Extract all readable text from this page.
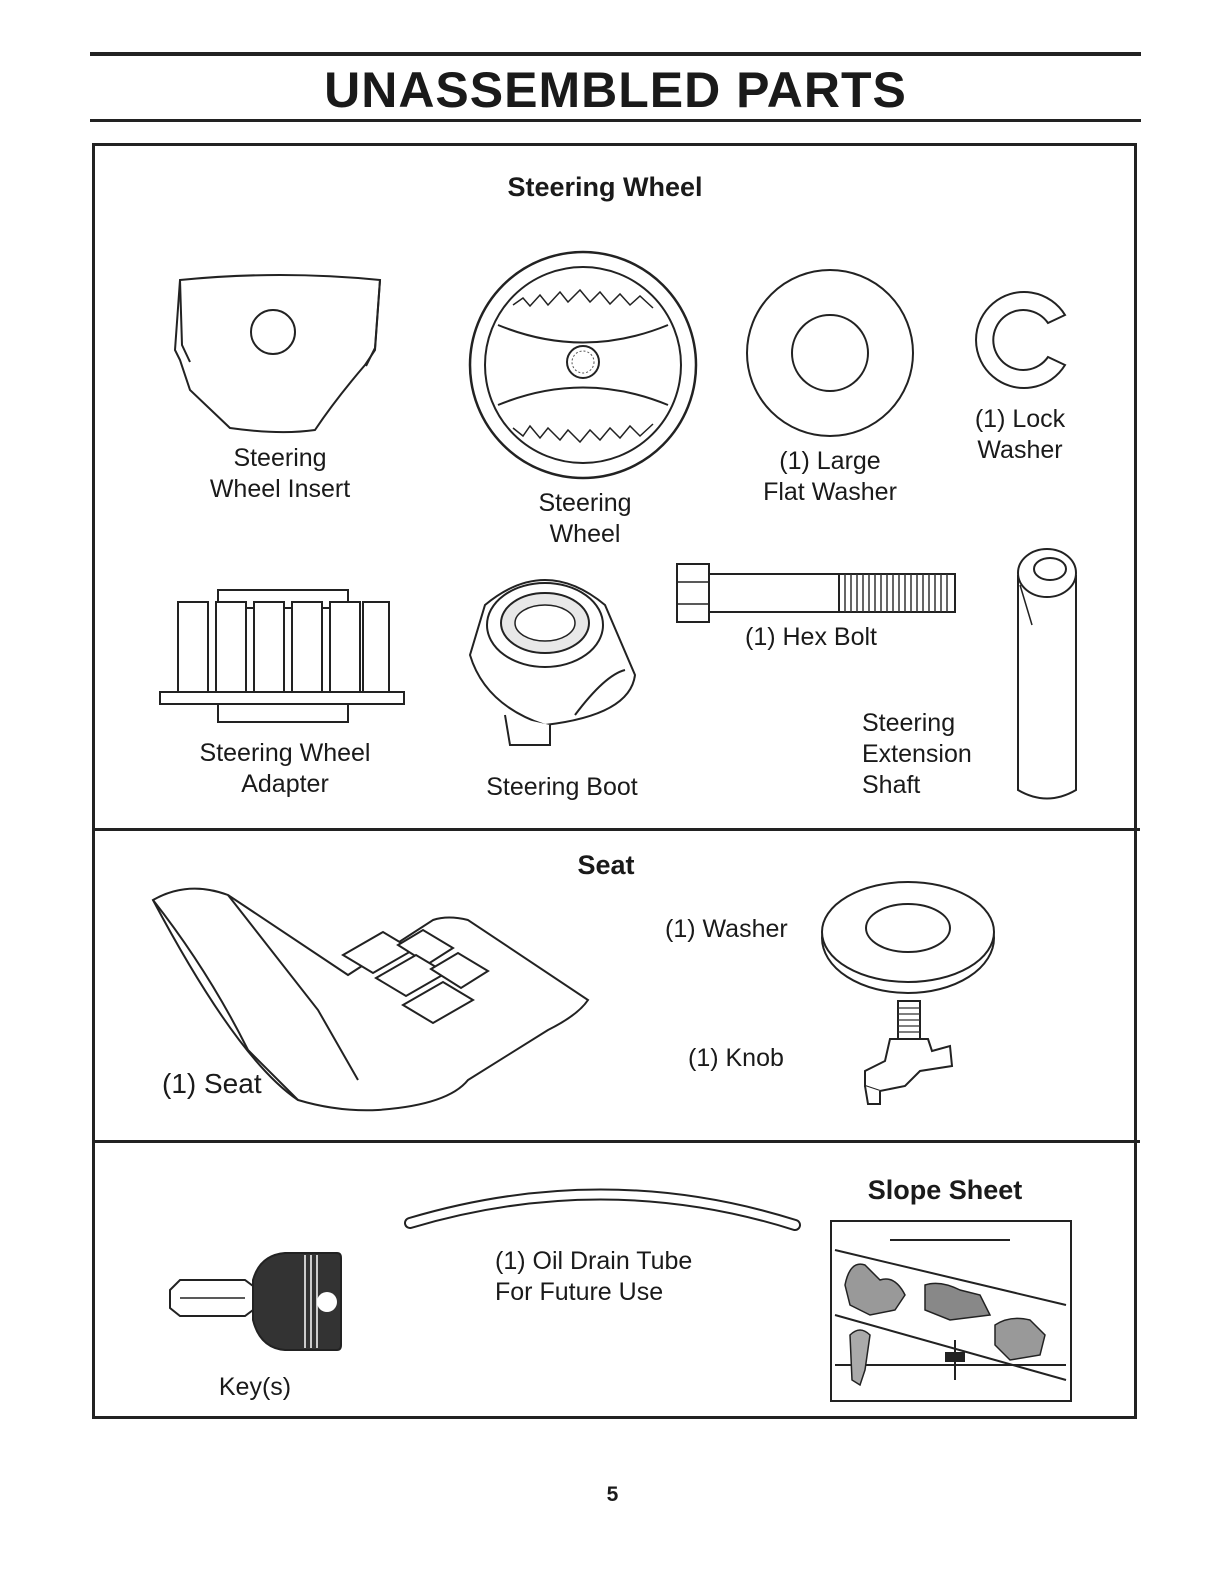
UNASSEMBLED PARTS
Steering Wheel
Steering
Wheel Insert	Steering
Wheel
(1) Large
Flat Washer
(1) Lock
Washer
Steering Wheel
Adapter	Steering Boot
(1) Hex Bolt
Steering
Extension
Shaft
Seat
(1) Seat
(1) Washer
(1) Knob
(1) Oil Drain Tube
For Future Use
Key(s)
Slope Sheet
5
